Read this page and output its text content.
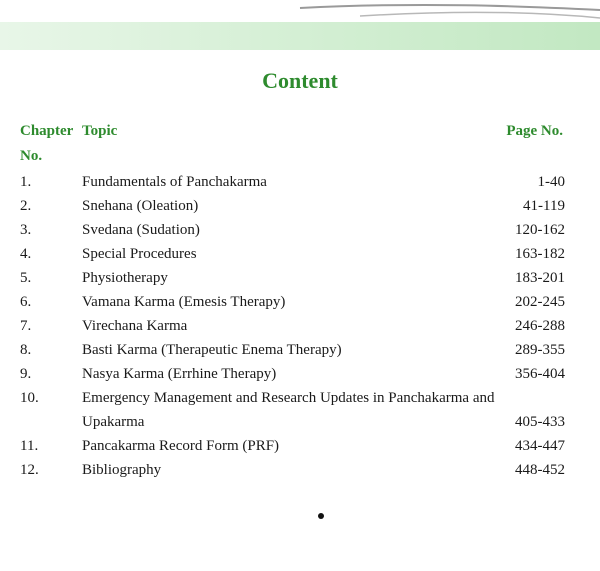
Content
Chapter
No.
Topic	Page No.
1.	Fundamentals of Panchakarma	1-40
2.	Snehana (Oleation)	41-119
3.	Svedana (Sudation)	120-162
4.	Special Procedures	163-182
5.	Physiotherapy	183-201
6.	Vamana Karma (Emesis Therapy)	202-245
7.	Virechana Karma	246-288
8.	Basti Karma (Therapeutic Enema Therapy)	289-355
9.	Nasya Karma (Errhine Therapy)	356-404
10.	Emergency Management and Research Updates in Panchakarma and Upakarma	405-433
11.	Pancakarma Record Form (PRF)	434-447
12.	Bibliography	448-452
